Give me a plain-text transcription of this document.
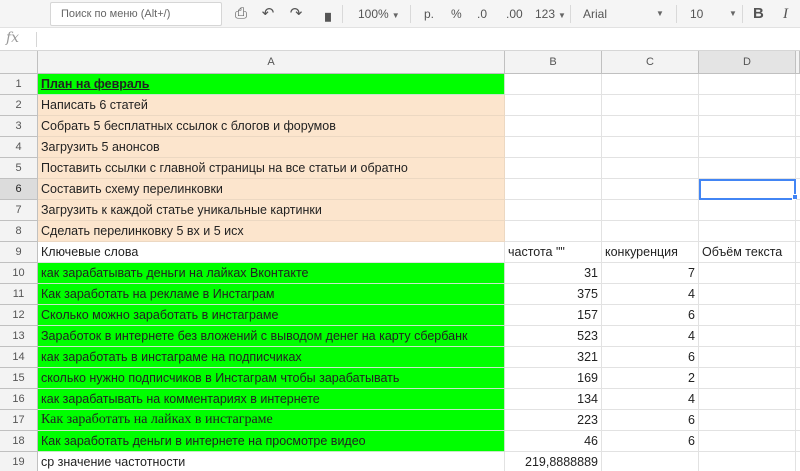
Поиск по меню (Alt+/)	⎙ ↶	↷	▗	100% ▼ р. % .0 .00 123 ▼ Arial	▼ 10	▼ B I
fx
A	B	C	D
1	План на февраль
2	Написать 6 статей
3	Собрать 5 бесплатных ссылок с блогов и форумов
4	Загрузить 5 анонсов
5	Поставить ссылки с главной страницы на все статьи и обратно
6	Составить схему перелинковки
7	Загрузить к каждой статье уникальные картинки
8	Сделать перелинковку 5 вх и 5 исх
9	Ключевые слова	частота ""	конкуренция	Объём текста
10	как зарабатывать деньги на лайках Вконтакте	31	7
11	Как заработать на рекламе в Инстаграм	375	4
12	Сколько можно заработать в инстаграме	157	6
13	Заработок в интернете без вложений с выводом денег на карту сбербанк	523	4
14	как заработать в инстаграме на подписчиках	321	6
15	сколько нужно подписчиков в Инстаграм чтобы зарабатывать	169	2
16	как зарабатывать на комментариях в интернете	134	4
17	Как заработать на лайках в инстаграме	223	6
18	Как заработать деньги в интернете на просмотре видео	46	6
19	ср значение частотности	219,8888889
